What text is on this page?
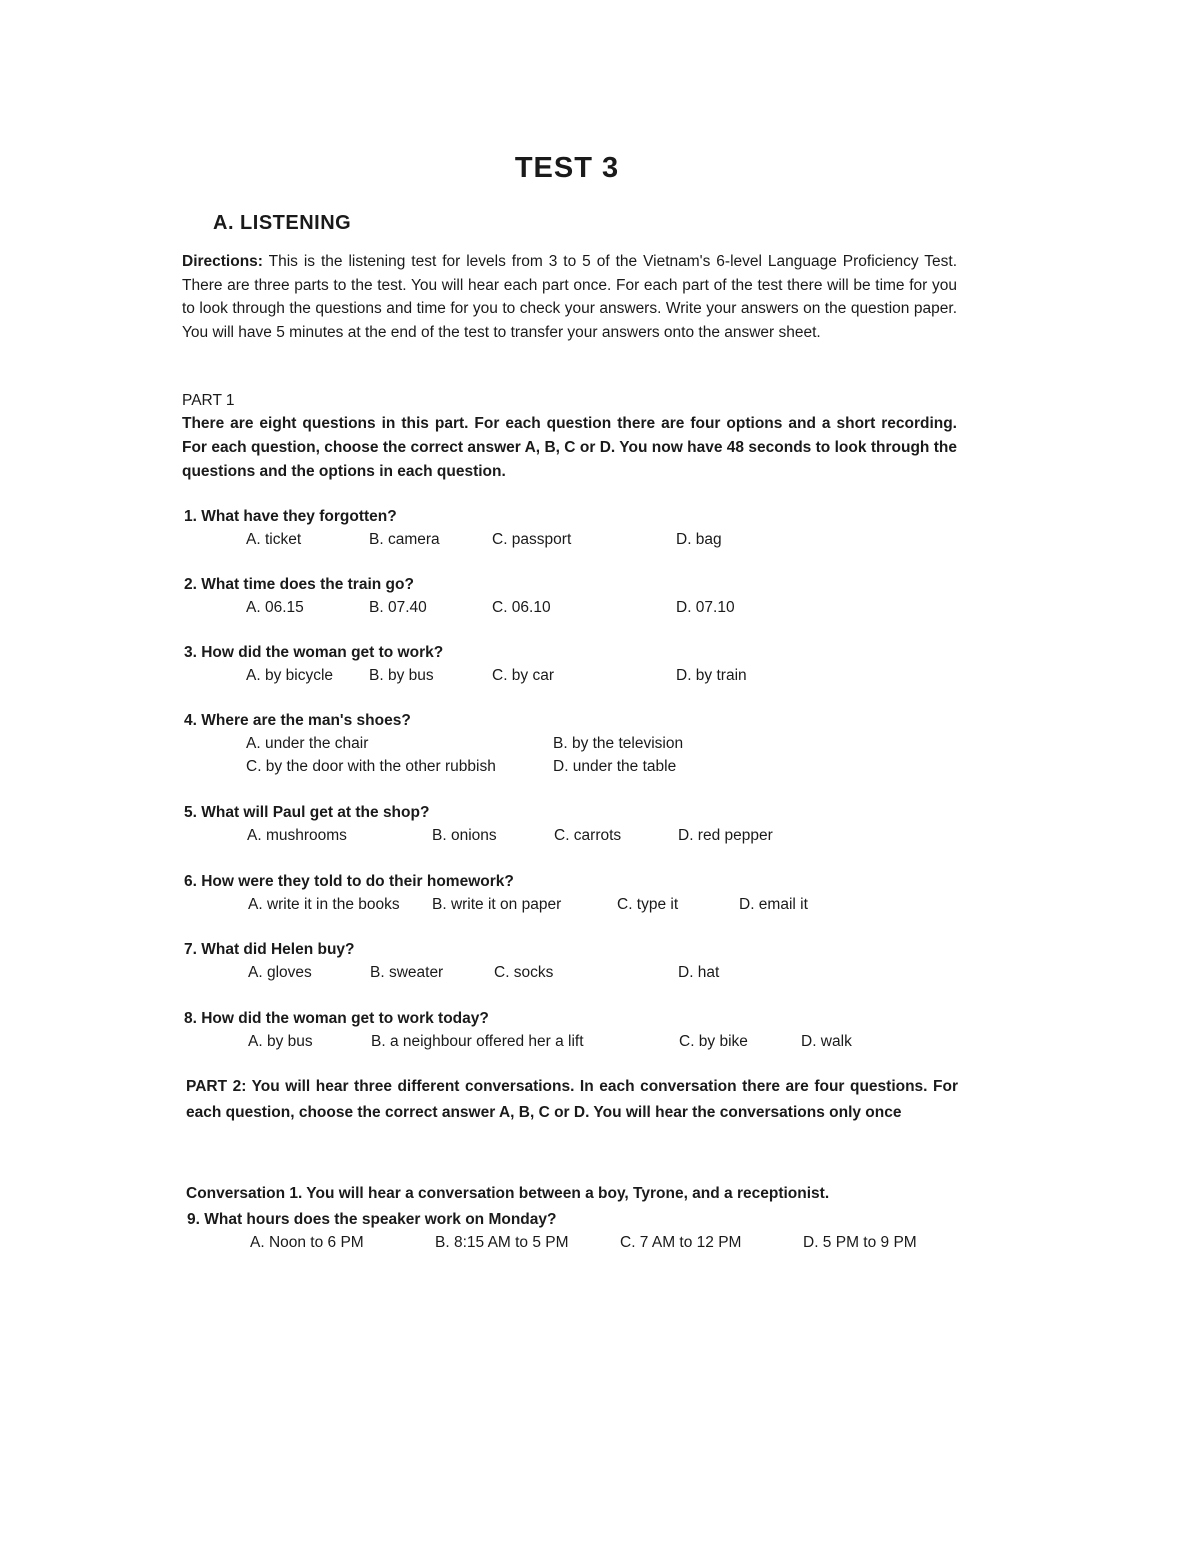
TEST 3
A. LISTENING
Directions: This is the listening test for levels from 3 to 5 of the Vietnam's 6-level Language Proficiency Test. There are three parts to the test. You will hear each part once. For each part of the test there will be time for you to look through the questions and time for you to check your answers. Write your answers on the question paper. You will have 5 minutes at the end of the test to transfer your answers onto the answer sheet.
PART 1
There are eight questions in this part. For each question there are four options and a short recording. For each question, choose the correct answer A, B, C or D. You now have 48 seconds to look through the questions and the options in each question.
1. What have they forgotten?
A. ticket	B. camera	C. passport	D. bag
2. What time does the train go?
A. 06.15	B. 07.40	C. 06.10	D. 07.10
3. How did the woman get to work?
A. by bicycle B. by bus	C. by car	D. by train
4. Where are the man's shoes?
A. under the chair	B. by the television
C. by the door with the other rubbish	D. under the table
5. What will Paul get at the shop?
A. mushrooms	B. onions	C. carrots	D. red pepper
6. How were they told to do their homework?
A. write it in the books B. write it on paper	C. type it	D. email it
7. What did Helen buy?
A. gloves	B. sweater	C. socks	D. hat
8. How did the woman get to work today?
A. by bus	B. a neighbour offered her a lift	C. by bike	D. walk
PART 2: You will hear three different conversations. In each conversation there are four questions. For each question, choose the correct answer A, B, C or D. You will hear the conversations only once
Conversation 1. You will hear a conversation between a boy, Tyrone, and a receptionist.
9. What hours does the speaker work on Monday?
A. Noon to 6 PM	B. 8:15 AM to 5 PM	C. 7 AM to 12 PM	D. 5 PM to 9 PM
